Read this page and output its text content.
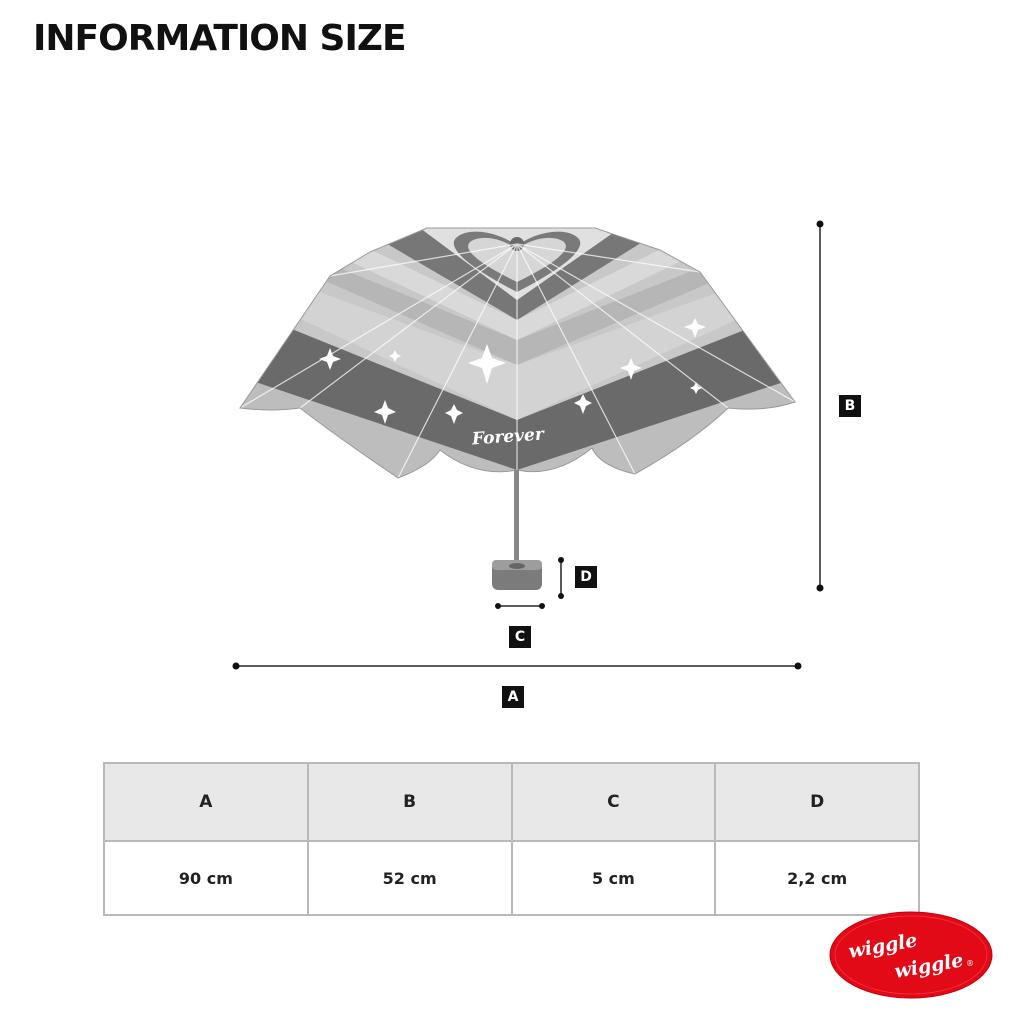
INFORMATION SIZE
Forever
B
D
C
A
A	B	C	D
90 cm	52 cm	5 cm	2,2 cm
wiggle
wiggle ®
